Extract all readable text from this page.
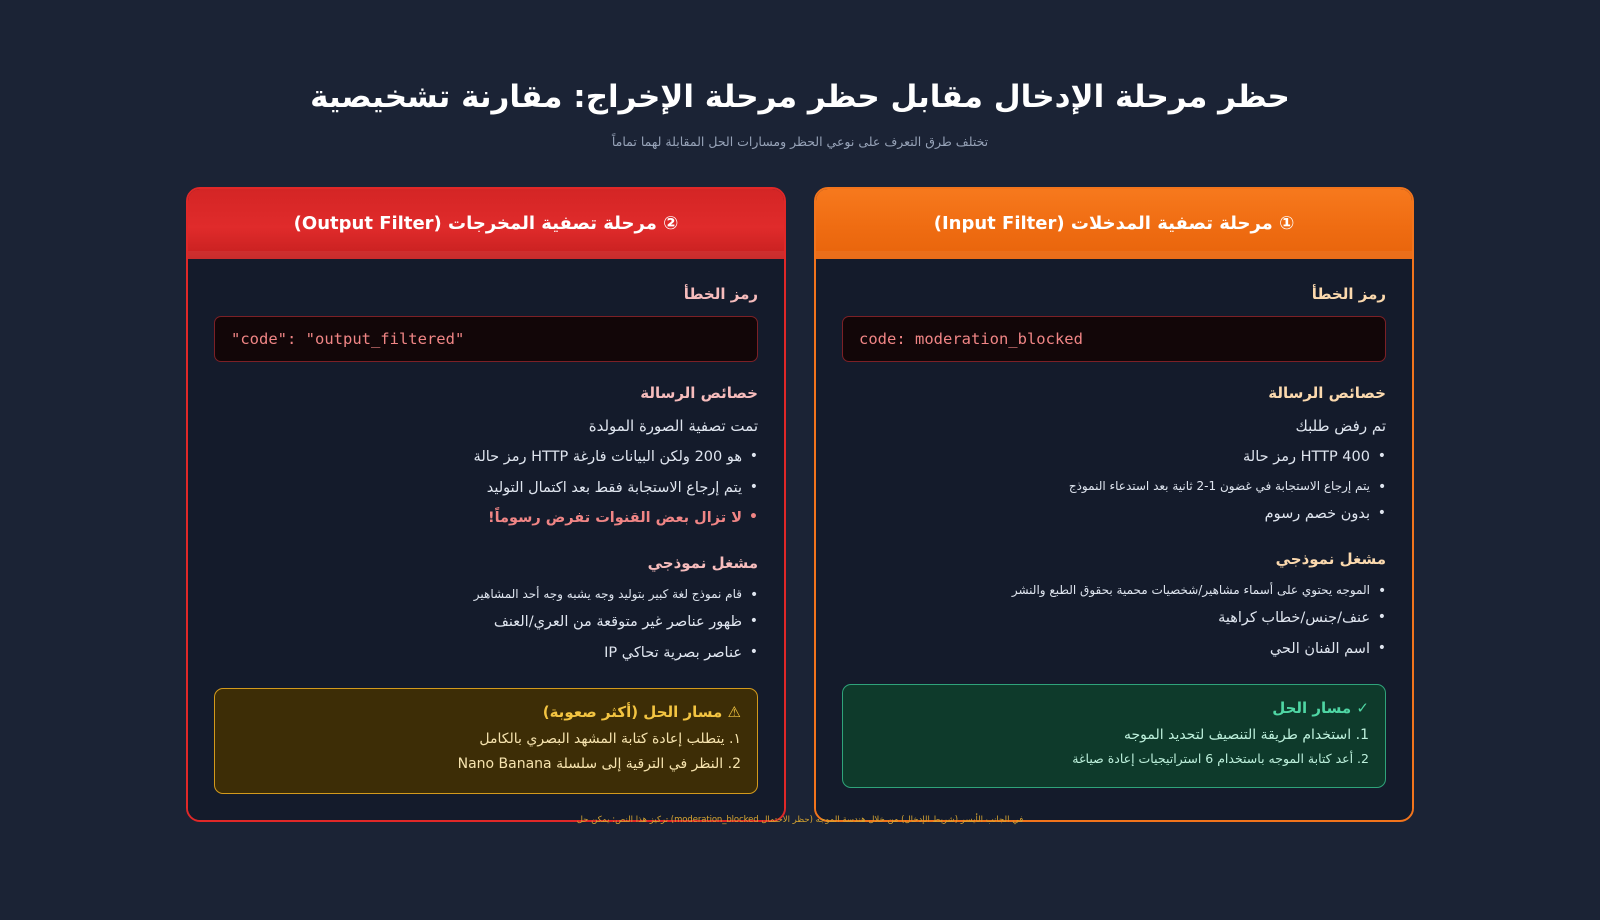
حظر مرحلة الإدخال مقابل حظر مرحلة الإخراج: مقارنة تشخيصية
تختلف طرق التعرف على نوعي الحظر ومسارات الحل المقابلة لهما تماماً
① مرحلة تصفية المدخلات (Input Filter)
رمز الخطأ
code: moderation_blocked
خصائص الرسالة
تم رفض طلبك
• HTTP 400 رمز حالة
• يتم إرجاع الاستجابة في غضون 1-2 ثانية بعد استدعاء النموذج
• بدون خصم رسوم
مشغل نموذجي
• الموجه يحتوي على أسماء مشاهير/شخصيات محمية بحقوق الطبع والنشر
• عنف/جنس/خطاب كراهية
• اسم الفنان الحي
✓ مسار الحل
1. استخدام طريقة التنصيف لتحديد الموجه
2. أعد كتابة الموجه باستخدام 6 استراتيجيات إعادة صياغة
② مرحلة تصفية المخرجات (Output Filter)
رمز الخطأ
"code": "output_filtered"
خصائص الرسالة
تمت تصفية الصورة المولدة
• هو 200 ولكن البيانات فارغة HTTP رمز حالة
• يتم إرجاع الاستجابة فقط بعد اكتمال التوليد
• لا تزال بعض القنوات تفرض رسوماً!
مشغل نموذجي
• قام نموذج لغة كبير بتوليد وجه يشبه وجه أحد المشاهير
• ظهور عناصر غير متوقعة من العري/العنف
• عناصر بصرية تحاكي IP
⚠ مسار الحل (أكثر صعوبة)
١. يتطلب إعادة كتابة المشهد البصري بالكامل
2. النظر في الترقية إلى سلسلة Nano Banana
في الجانب الأيسر (شريط الإدخال) من خلال هندسة الموجه (حظر الاحتمال moderation_blocked) تركيز هذا النص: يمكن حل
